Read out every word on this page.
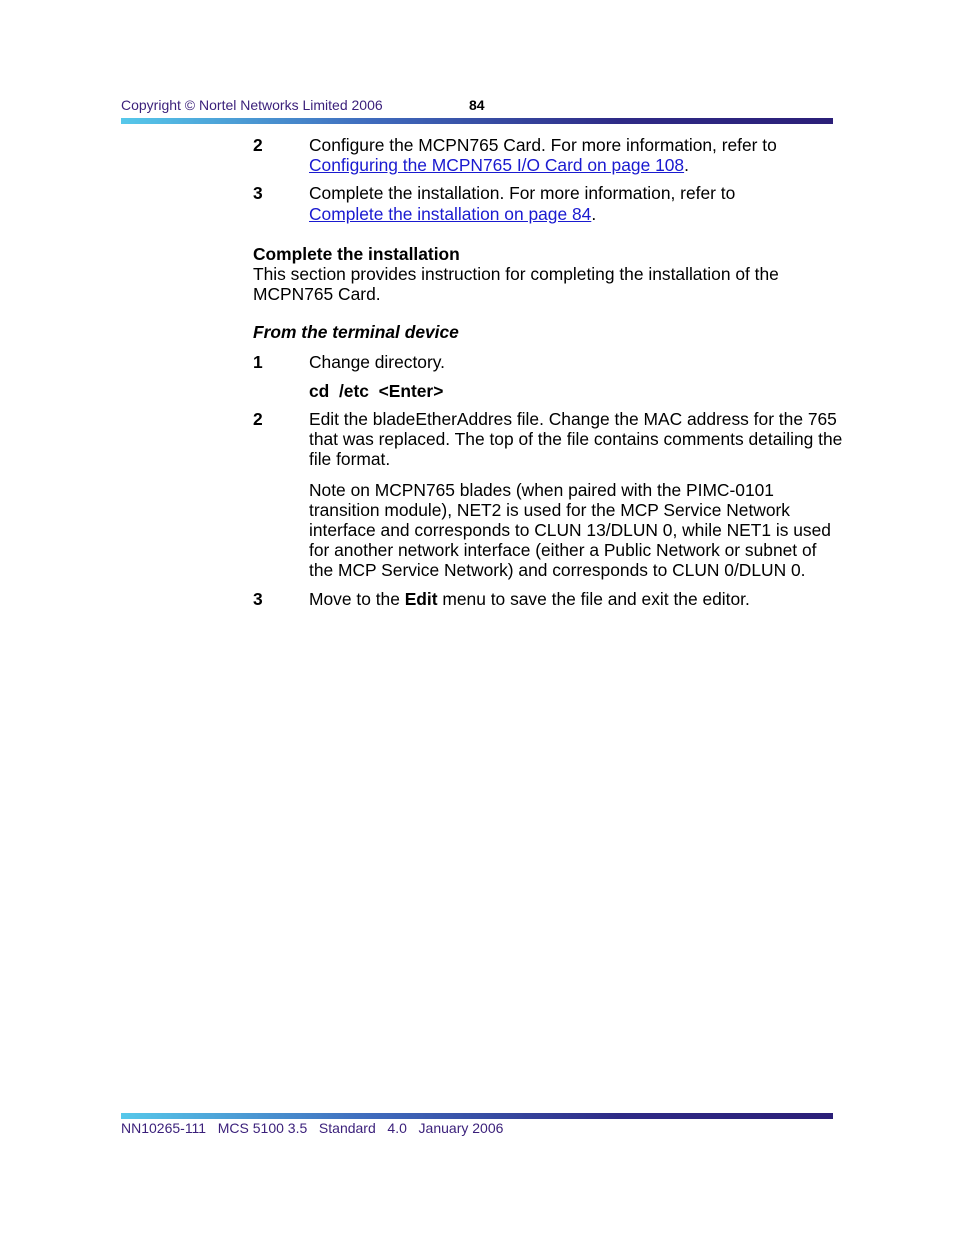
Copyright © Nortel Networks Limited 2006	84
2	Configure the MCPN765 Card. For more information, refer to
Configuring the MCPN765 I/O Card on page 108.
3	Complete the installation. For more information, refer to
Complete the installation on page 84.
Complete the installation
This section provides instruction for completing the installation of the MCPN765 Card.
From the terminal device
1	Change directory.
cd  /etc  <Enter>
2	Edit the bladeEtherAddres file. Change the MAC address for the 765 that was replaced. The top of the file contains comments detailing the file format.
Note on MCPN765 blades (when paired with the PIMC-0101 transition module), NET2 is used for the MCP Service Network interface and corresponds to CLUN 13/DLUN 0, while NET1 is used for another network interface (either a Public Network or subnet of the MCP Service Network) and corresponds to CLUN 0/DLUN 0.
3	Move to the Edit menu to save the file and exit the editor.
NN10265-111   MCS 5100 3.5   Standard   4.0   January 2006
